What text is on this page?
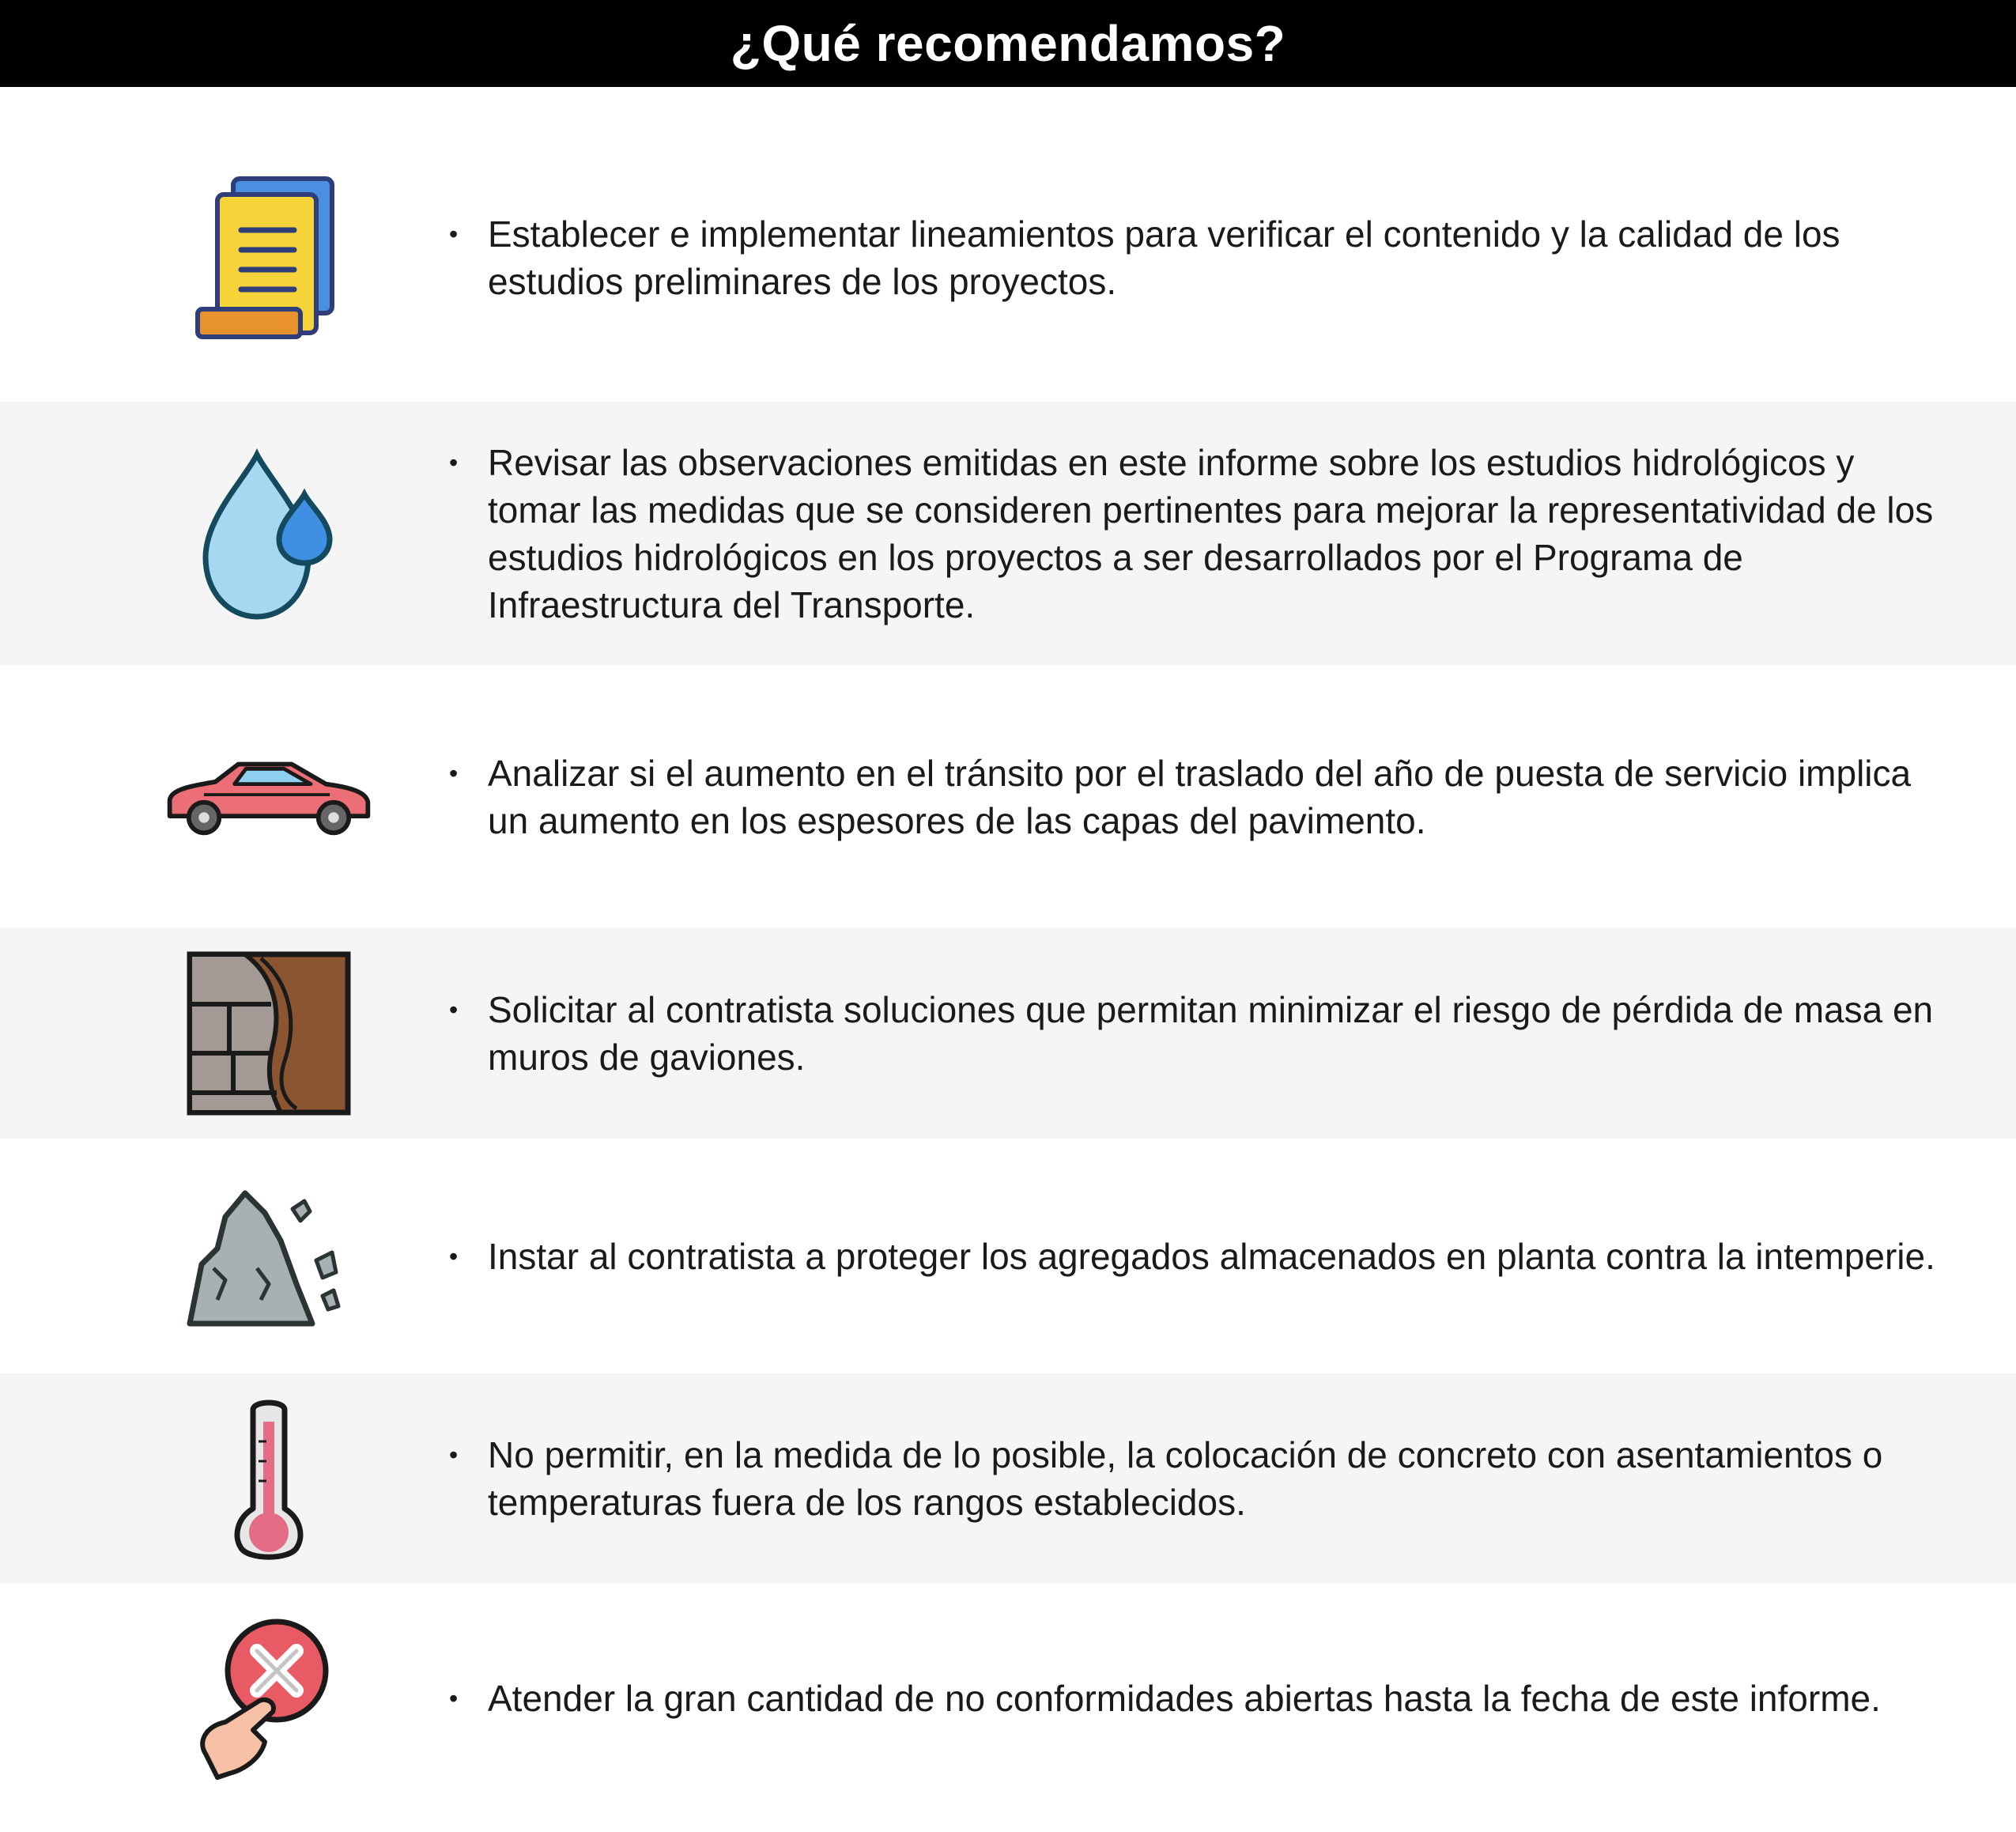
¿Qué recomendamos?
• Establecer e implementar lineamientos para verificar el contenido y la calidad de los estudios preliminares de los proyectos.
• Revisar las observaciones emitidas en este informe sobre los estudios hidrológicos y tomar las medidas que se consideren pertinentes para mejorar la representatividad de los estudios hidrológicos en los proyectos a ser desarrollados por el Programa de Infraestructura del Transporte.
• Analizar si el aumento en el tránsito por el traslado del año de puesta de servicio implica un aumento en los espesores de las capas del pavimento.
• Solicitar al contratista soluciones que permitan minimizar el riesgo de pérdida de masa en muros de gaviones.
• Instar al contratista a proteger los agregados almacenados en planta contra la intemperie.
• No permitir, en la medida de lo posible, la colocación de concreto con asentamientos o temperaturas fuera de los rangos establecidos.
• Atender la gran cantidad de no conformidades abiertas hasta la fecha de este informe.
